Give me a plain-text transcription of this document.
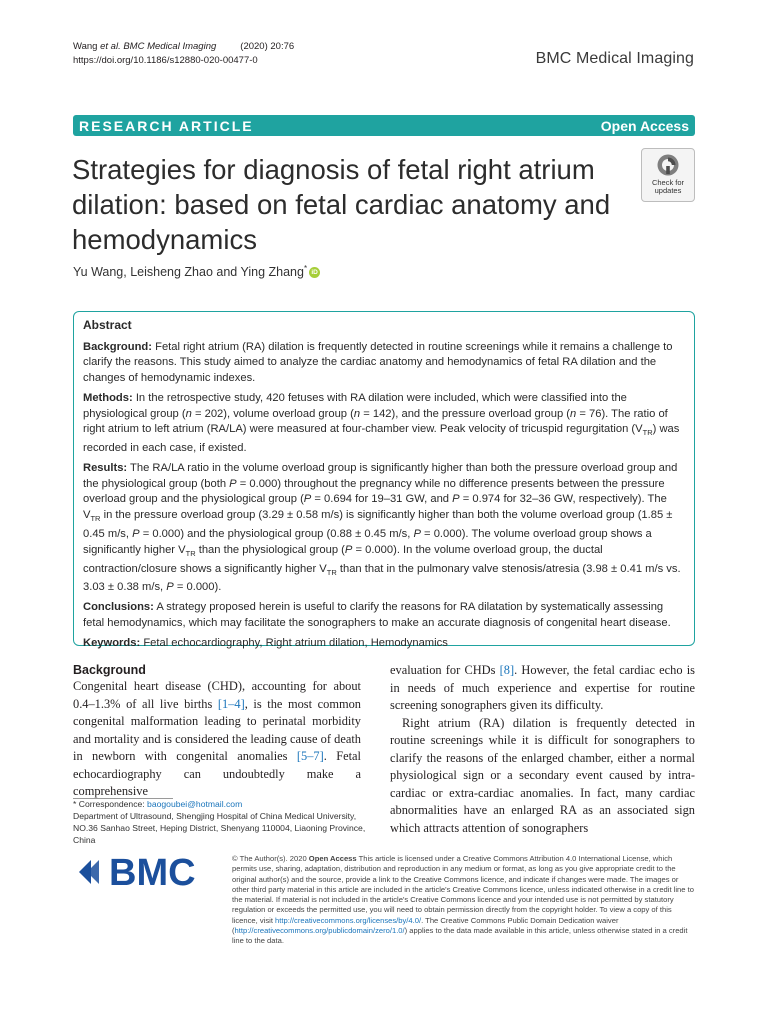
Wang et al. BMC Medical Imaging	(2020) 20:76
https://doi.org/10.1186/s12880-020-00477-0	BMC Medical Imaging
RESEARCH ARTICLE	Open Access
Strategies for diagnosis of fetal right atrium dilation: based on fetal cardiac anatomy and hemodynamics
Check for
updates
Yu Wang, Leisheng Zhao and Ying Zhang* iD
Abstract

Background: Fetal right atrium (RA) dilation is frequently detected in routine screenings while it remains a challenge to clarify the reasons. This study aimed to analyze the cardiac anatomy and hemodynamics of fetal RA dilation and the changes of hemodynamic indexes.

Methods: In the retrospective study, 420 fetuses with RA dilation were included, which were classified into the physiological group (n = 202), volume overload group (n = 142), and the pressure overload group (n = 76). The ratio of right atrium to left atrium (RA/LA) were measured at four-chamber view. Peak velocity of tricuspid regurgitation $(V_{TR})$ was recorded in each case, if existed.

Results: The RA/LA ratio in the volume overload group is significantly higher than both the pressure overload group and the physiological group (both P = 0.000) throughout the pregnancy while no difference presents between the pressure overload group and the physiological group (P = 0.694 for 19–31 GW, and P = 0.974 for 32–36 GW, respectively). The $V_{TR}$ in the pressure overload group (3.29 ± 0.58 m/s) is significantly higher than both the volume overload group (1.85 ± 0.45 m/s, P = 0.000) and the physiological group (0.88 ± 0.45 m/s, P = 0.000). The volume overload group shows a significantly higher $V_{TR}$ than the physiological group (P = 0.000). In the volume overload group, the ductal contraction/closure shows a significantly higher $V_{TR}$ than that in the pulmonary valve stenosis/atresia (3.98 ± 0.41 m/s vs. 3.03 ± 0.38 m/s, P = 0.000).

Conclusions: A strategy proposed herein is useful to clarify the reasons for RA dilatation by systematically assessing fetal hemodynamics, which may facilitate the sonographers to make an accurate diagnosis of congenital heart disease.

Keywords: Fetal echocardiography, Right atrium dilation, Hemodynamics

Background

Congenital heart disease (CHD), accounting for about 0.4–1.3% of all live births [1–4], is the most common congenital malformation leading to perinatal morbidity and mortality and is considered the leading cause of death in newborn with congenital anomalies [5–7]. Fetal echocardiography can undoubtedly make a comprehensive

evaluation for CHDs [8]. However, the fetal cardiac echo is in needs of much experience and expertise for routine screening sonographers given its difficulty.

Right atrium (RA) dilation is frequently detected in routine screenings while it is difficult for sonographers to clarify the reasons of the enlarged chamber, either a normal physiological sign or a secondary event caused by intra-cardiac or extra-cardiac anomalies. In fact, many cardiac abnormalities have an enlarged RA as an associated sign which attracts attention of sonographers

* Correspondence: baogoubei@hotmail.com
Department of Ultrasound, Shengjing Hospital of China Medical University, NO.36 Sanhao Street, Heping District, Shenyang 110004, Liaoning Province, China
BMC	© The Author(s). 2020 Open Access This article is licensed under a Creative Commons Attribution 4.0 International License, which permits use, sharing, adaptation, distribution and reproduction in any medium or format, as long as you give appropriate credit to the original author(s) and the source, provide a link to the Creative Commons licence, and indicate if changes were made. The images or other third party material in this article are included in the article's Creative Commons licence, unless indicated otherwise in a credit line to the material. If material is not included in the article's Creative Commons licence and your intended use is not permitted by statutory regulation or exceeds the permitted use, you will need to obtain permission directly from the copyright holder. To view a copy of this licence, visit http://creativecommons.org/licenses/by/4.0/. The Creative Commons Public Domain Dedication waiver (http://creativecommons.org/publicdomain/zero/1.0/) applies to the data made available in this article, unless otherwise stated in a credit line to the data.
